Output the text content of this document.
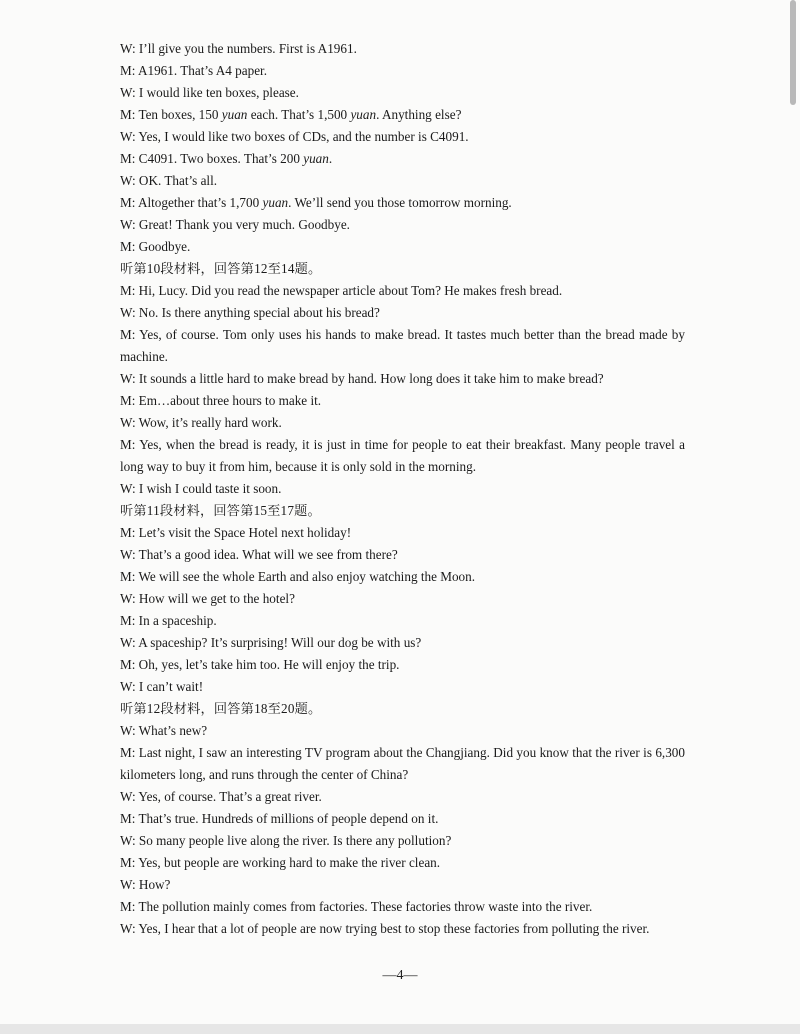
W: I’ll give you the numbers. First is A1961.

M: A1961. That’s A4 paper.

W: I would like ten boxes, please.

M: Ten boxes, 150 yuan each. That’s 1,500 yuan. Anything else?

W: Yes, I would like two boxes of CDs, and the number is C4091.

M: C4091. Two boxes. That’s 200 yuan.

W: OK. That’s all.

M: Altogether that’s 1,700 yuan. We’ll send you those tomorrow morning.

W: Great! Thank you very much. Goodbye.

M: Goodbye.

听第10段材料，回答第12至14题。

M: Hi, Lucy. Did you read the newspaper article about Tom? He makes fresh bread.

W: No. Is there anything special about his bread?

M: Yes, of course. Tom only uses his hands to make bread. It tastes much better than the bread made by machine.

W: It sounds a little hard to make bread by hand. How long does it take him to make bread?

M: Em…about three hours to make it.

W: Wow, it’s really hard work.

M: Yes, when the bread is ready, it is just in time for people to eat their breakfast. Many people travel a long way to buy it from him, because it is only sold in the morning.

W: I wish I could taste it soon.

听第11段材料，回答第15至17题。

M: Let’s visit the Space Hotel next holiday!

W: That’s a good idea. What will we see from there?

M: We will see the whole Earth and also enjoy watching the Moon.

W: How will we get to the hotel?

M: In a spaceship.

W: A spaceship? It’s surprising! Will our dog be with us?

M: Oh, yes, let’s take him too. He will enjoy the trip.

W: I can’t wait!

听第12段材料，回答第18至20题。

W: What’s new?

M: Last night, I saw an interesting TV program about the Changjiang. Did you know that the river is 6,300 kilometers long, and runs through the center of China?

W: Yes, of course. That’s a great river.

M: That’s true. Hundreds of millions of people depend on it.

W: So many people live along the river. Is there any pollution?

M: Yes, but people are working hard to make the river clean.

W: How?

M: The pollution mainly comes from factories. These factories throw waste into the river.

W: Yes, I hear that a lot of people are now trying best to stop these factories from polluting the river.

—4—
